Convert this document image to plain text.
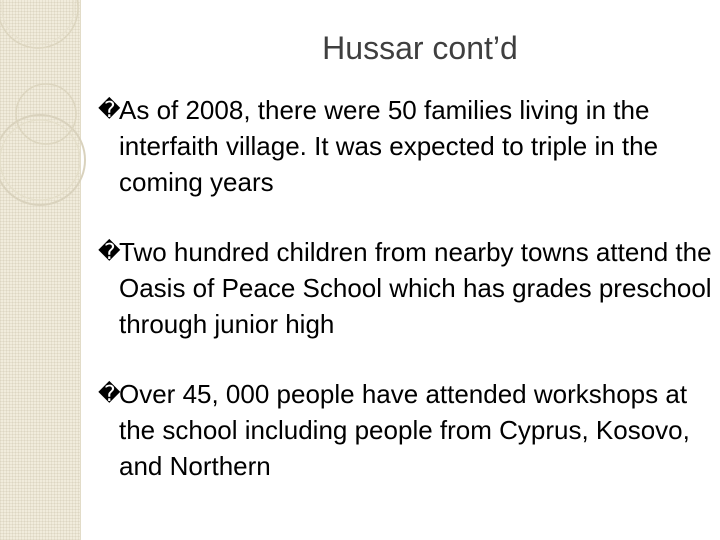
Hussar cont’d
�
As of 2008, there were 50 families living in the interfaith village. It was expected to triple in the coming years
�
Two hundred children from nearby towns attend the Oasis of Peace School which has grades preschool through junior high
�
Over 45, 000 people have attended workshops at the school including people from Cyprus, Kosovo, and Northern
